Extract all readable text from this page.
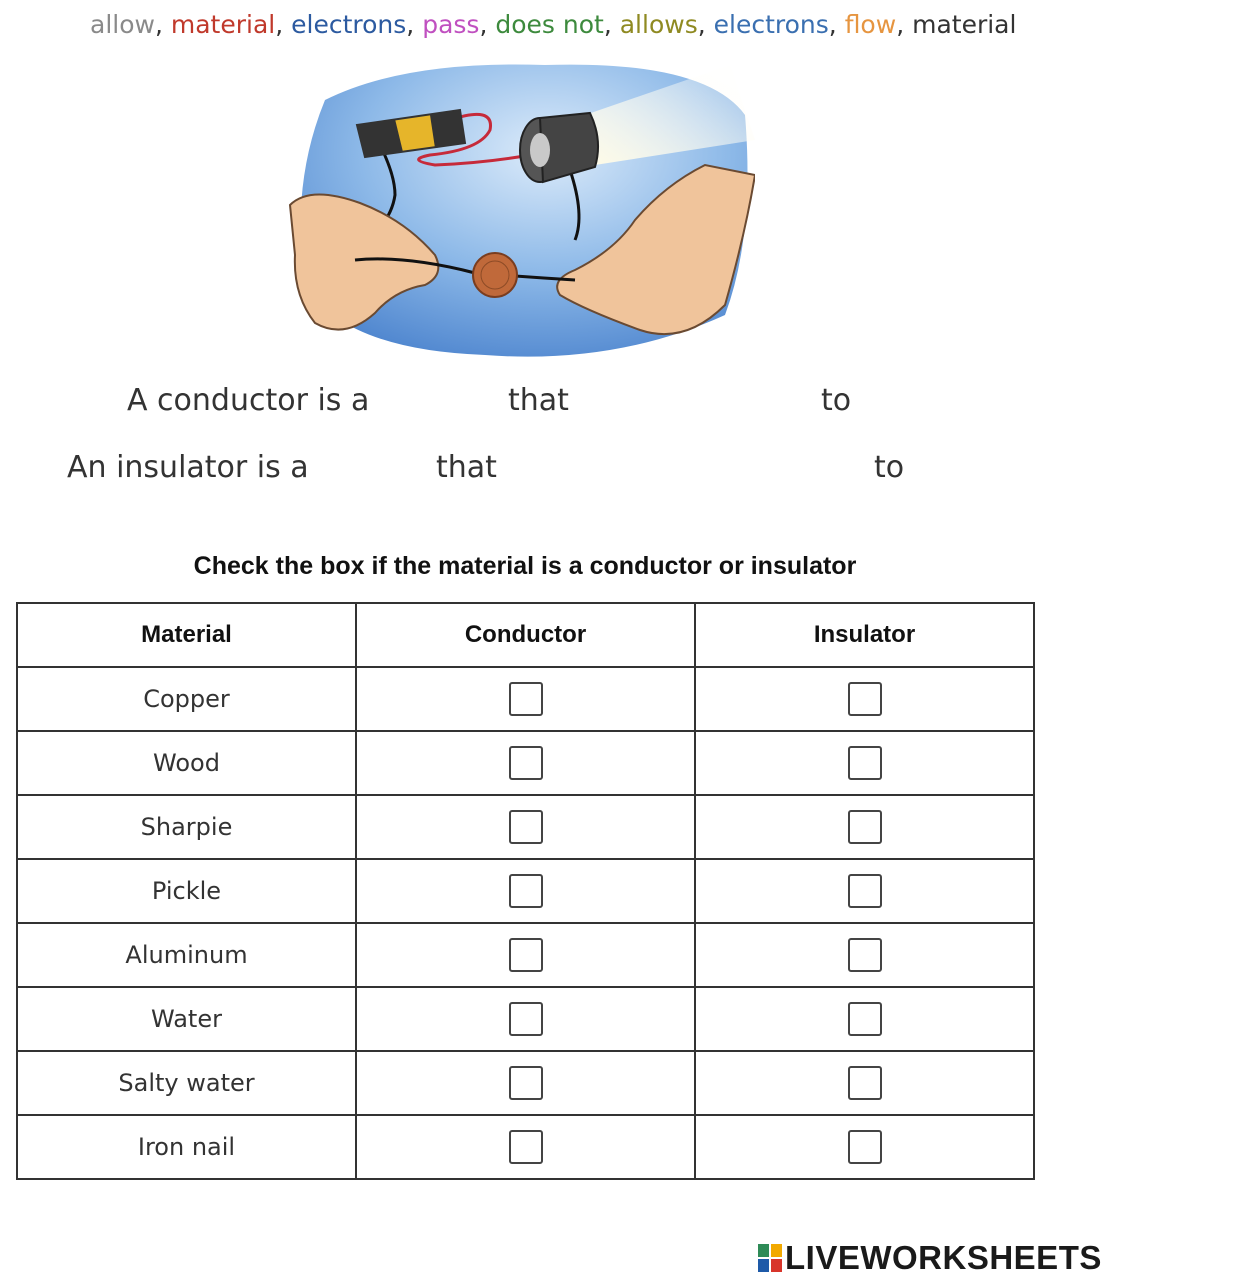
allow , material , electrons , pass , does not , allows , electrons , flow , material
A conductor is a	that	to
An insulator is a	that	to
Check the box if the material is a conductor or insulator
Material	Conductor	Insulator
Copper		
Wood		
Sharpie		
Pickle		
Aluminum		
Water		
Salty water		
Iron nail		
LIVEWORKSHEETS
